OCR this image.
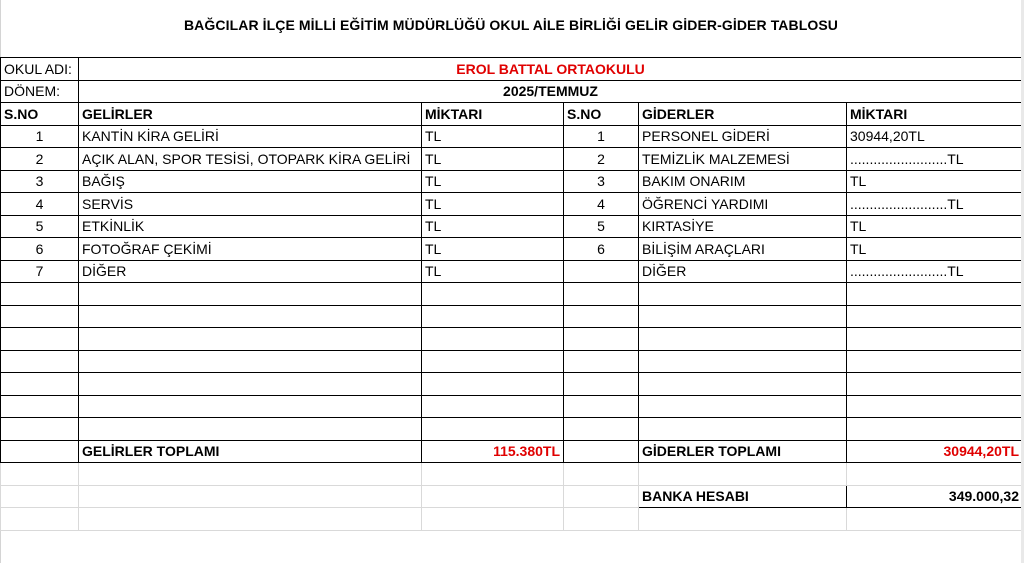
BAĞCILAR İLÇE MİLLİ EĞİTİM MÜDÜRLÜĞÜ OKUL AİLE BİRLİĞİ GELİR GİDER-GİDER TABLOSU
OKUL ADI:	EROL BATTAL ORTAOKULU				
DÖNEM:	2025/TEMMUZ				
S.NO	GELİRLER	MİKTARI	S.NO	GİDERLER	MİKTARI
1	KANTİN KİRA GELİRİ	TL	1	PERSONEL GİDERİ	30944,20TL
2	AÇIK ALAN, SPOR TESİSİ, OTOPARK KİRA GELİRİ	TL	2	TEMİZLİK MALZEMESİ	.........................TL
3	BAĞIŞ	TL	3	BAKIM ONARIM	TL
4	SERVİS	TL	4	ÖĞRENCİ YARDIMI	.........................TL
5	ETKİNLİK	TL	5	KIRTASİYE	TL
6	FOTOĞRAF ÇEKİMİ	TL	6	BİLİŞİM ARAÇLARI	TL
7	DİĞER	TL		DİĞER	.........................TL

	GELİRLER TOPLAMI	115.380TL		GİDERLER TOPLAMI	30944,20TL

				BANKA HESABI	349.000,32
